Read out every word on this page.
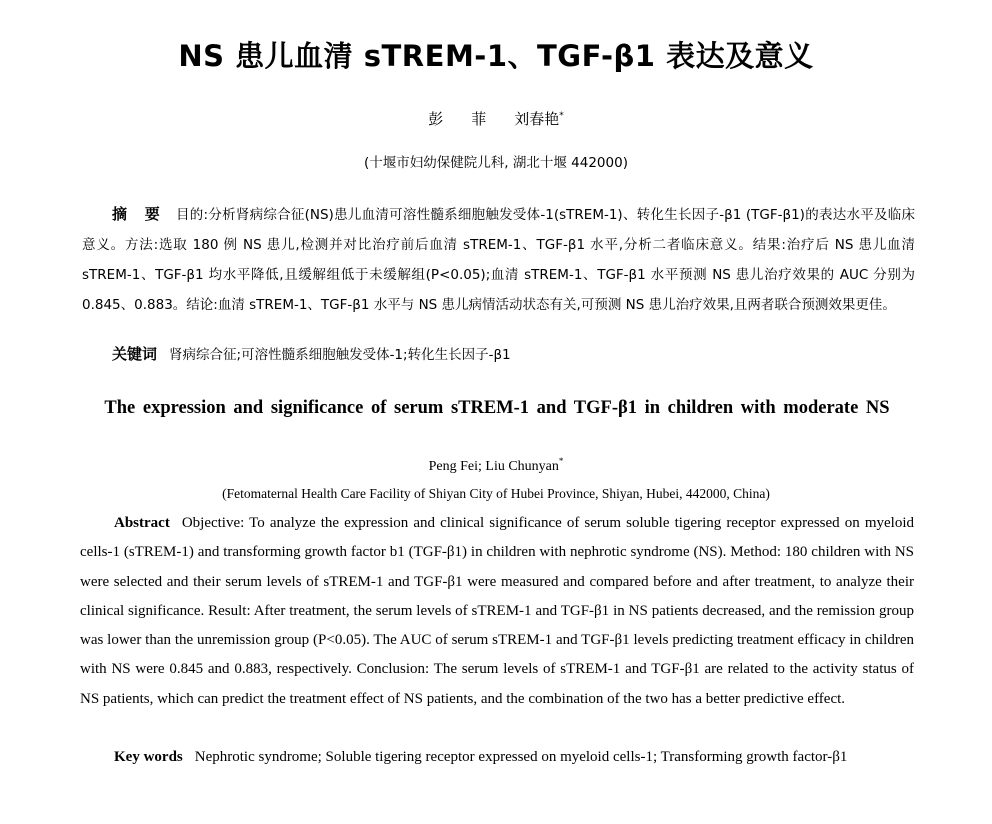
NS 患儿血清 sTREM-1、TGF-β1 表达及意义
彭 菲 刘春艳*
(十堰市妇幼保健院儿科, 湖北十堰 442000)
摘 要 目的:分析肾病综合征(NS)患儿血清可溶性髓系细胞触发受体-1(sTREM-1)、转化生长因子-β1 (TGF-β1)的表达水平及临床意义。方法:选取 180 例 NS 患儿,检测并对比治疗前后血清 sTREM-1、TGF-β1 水平,分析二者临床意义。结果:治疗后 NS 患儿血清 sTREM-1、TGF-β1 均水平降低,且缓解组低于未缓解组(P<0.05);血清 sTREM-1、TGF-β1 水平预测 NS 患儿治疗效果的 AUC 分别为 0.845、0.883。结论:血清 sTREM-1、TGF-β1 水平与 NS 患儿病情活动状态有关,可预测 NS 患儿治疗效果,且两者联合预测效果更佳。
关键词 肾病综合征;可溶性髓系细胞触发受体-1;转化生长因子-β1
The expression and significance of serum sTREM-1 and TGF-β1 in children with moderate NS
Peng Fei; Liu Chunyan*
(Fetomaternal Health Care Facility of Shiyan City of Hubei Province, Shiyan, Hubei, 442000, China)
Abstract Objective: To analyze the expression and clinical significance of serum soluble tigering receptor expressed on myeloid cells-1 (sTREM-1) and transforming growth factor b1 (TGF-β1) in children with nephrotic syndrome (NS). Method: 180 children with NS were selected and their serum levels of sTREM-1 and TGF-β1 were measured and compared before and after treatment, to analyze their clinical significance. Result: After treatment, the serum levels of sTREM-1 and TGF-β1 in NS patients decreased, and the remission group was lower than the unremission group (P<0.05). The AUC of serum sTREM-1 and TGF-β1 levels predicting treatment efficacy in children with NS were 0.845 and 0.883, respectively. Conclusion: The serum levels of sTREM-1 and TGF-β1 are related to the activity status of NS patients, which can predict the treatment effect of NS patients, and the combination of the two has a better predictive effect.
Key words Nephrotic syndrome; Soluble tigering receptor expressed on myeloid cells-1; Transforming growth factor-β1
